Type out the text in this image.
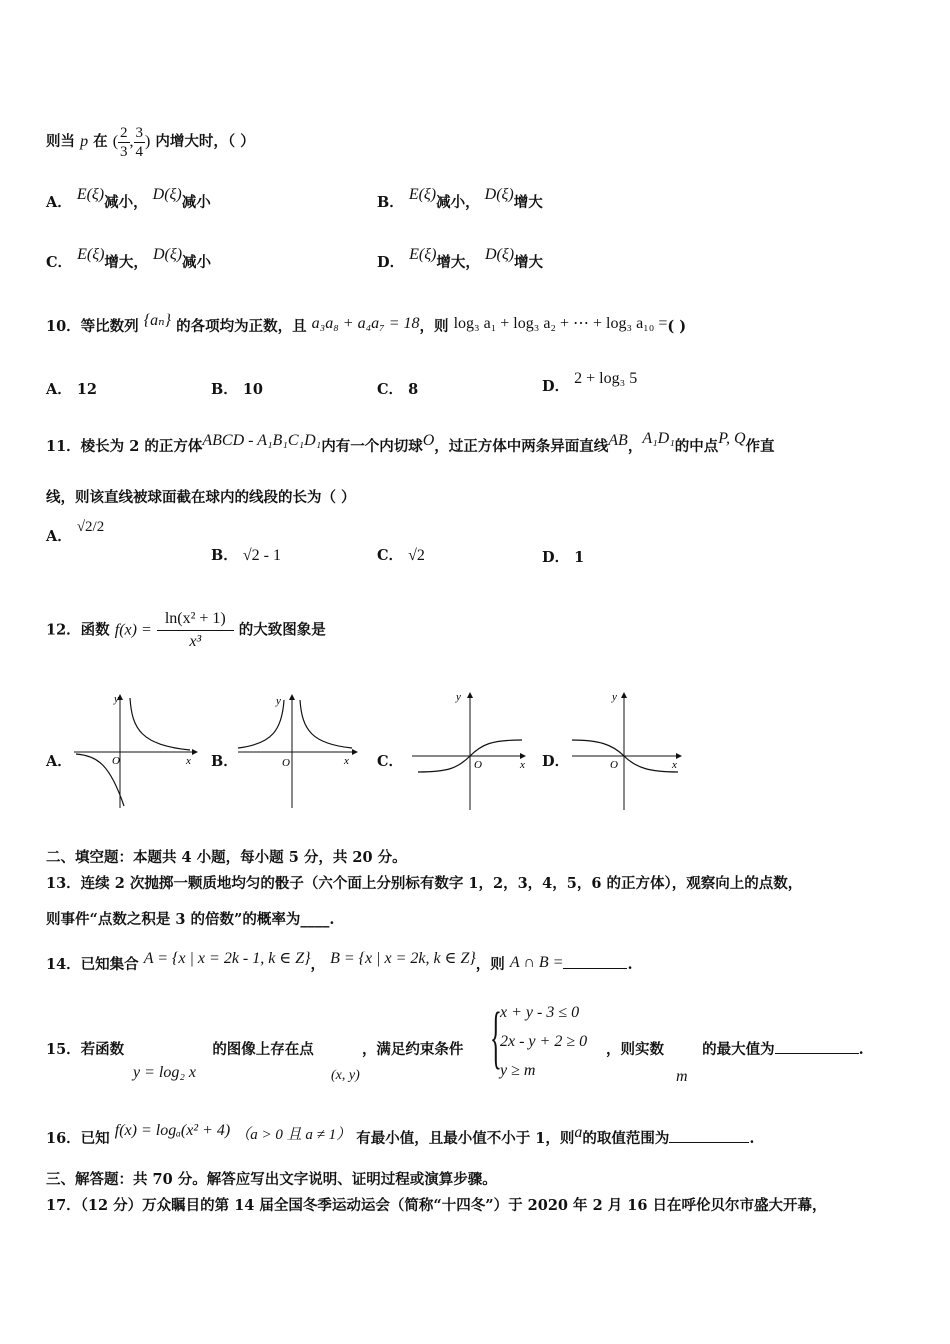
则当 p 在 ( $\frac{2}{3}$ , $\frac{3}{4}$ ) 内增大时，（ ）
A． E(ξ)减小， D(ξ)减小	B． E(ξ)减小， D(ξ)增大
C． E(ξ)增大， D(ξ)减小	D． E(ξ)增大， D(ξ)增大
10．等比数列 {aₙ} 的各项均为正数，且 a₃a₈ + a₄a₇ = 18，则 log₃ a₁ + log₃ a₂ + ⋯ + log₃ a₁₀ =( )
A． 12	B． 10	C． 8	D． 2 + log₃ 5
11．棱长为 2 的正方体ABCD - A₁B₁C₁D₁内有一个内切球O，过正方体中两条异面直线AB，A₁D₁的中点P, Q作直
线，则该直线被球面截在球内的线段的长为（ ）
A． √2/2
B． √2 - 1	C． √2	D． 1
12．函数 $f(x) = \frac{\text{ln(x² + 1)}}{\text{x³}}$ 的大致图象是
A．
y
x
O	B．
y
x
O	C．
y
x
O	D．
y
x
O
二、填空题：本题共 4 小题，每小题 5 分，共 20 分。
13．连续 2 次抛掷一颗质地均匀的骰子（六个面上分别标有数字 1，2，3，4，5，6 的正方体），观察向上的点数，
则事件“点数之积是 3 的倍数”的概率为____.
14．已知集合 A = {x | x = 2k - 1, k ∈ Z}， B = {x | x = 2k, k ∈ Z}，则 A ∩ B =	.
15．若函数	的图像上存在点	，满足约束条件
y = log₂ x	(x, y) {
x + y - 3 ≤ 0
2x - y + 2 ≥ 0
y ≥ m
，则实数	的最大值为	.
m
16．已知 f(x) = logₐ(x² + 4) （a > 0 且 a ≠ 1） 有最小值，且最小值不小于 1，则a的取值范围为	.
三、解答题：共 70 分。解答应写出文字说明、证明过程或演算步骤。
17．（12 分）万众瞩目的第 14 届全国冬季运动运会（简称“十四冬”）于 2020 年 2 月 16 日在呼伦贝尔市盛大开幕，
